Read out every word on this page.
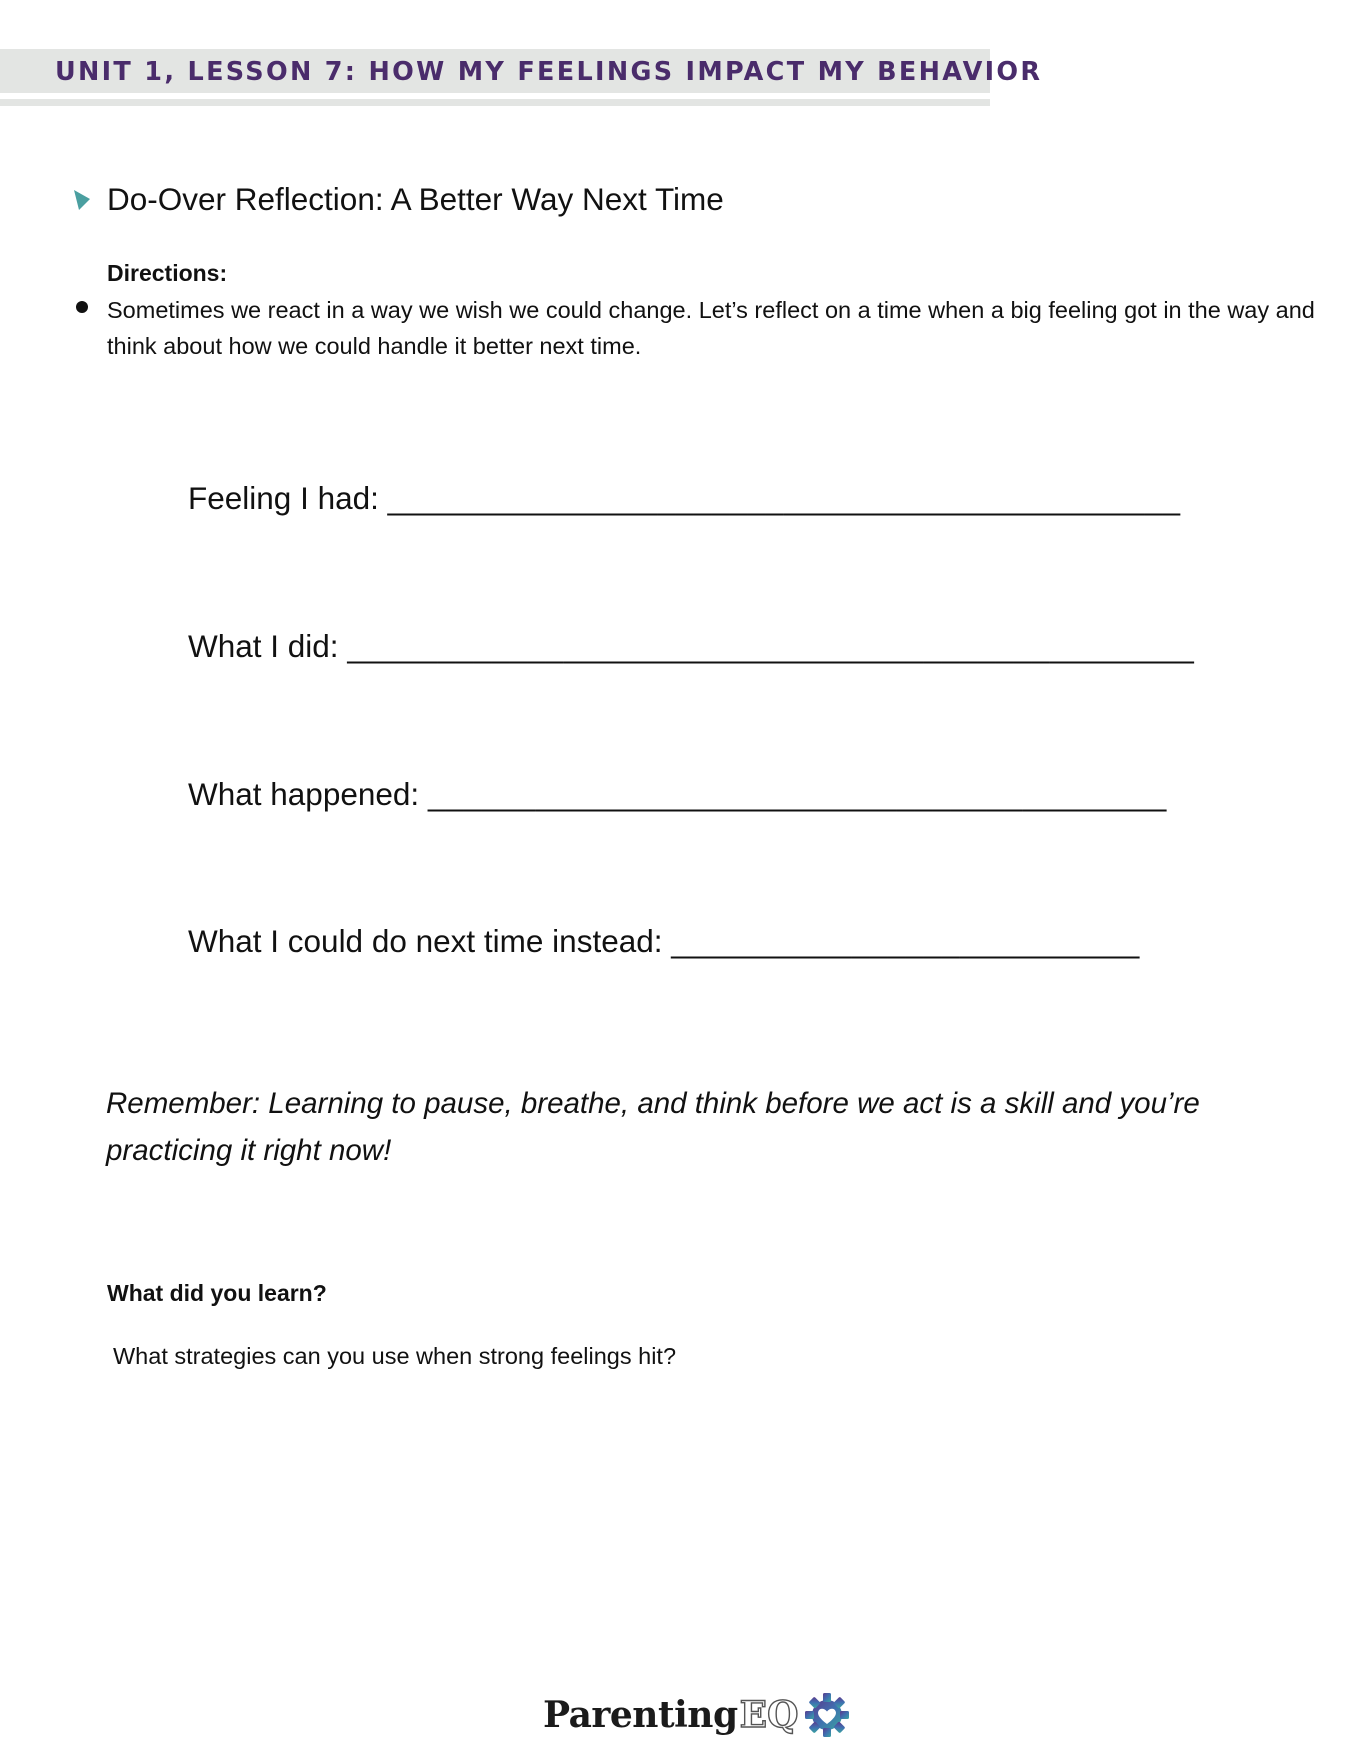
UNIT 1, LESSON 7: HOW MY FEELINGS IMPACT MY BEHAVIOR
Do-Over Reflection: A Better Way Next Time
Directions:
Sometimes we react in a way we wish we could change. Let’s reflect on a time when a big feeling got in the way and think about how we could handle it better next time.
Feeling I had: ____________________________________________
What I did: _______________________________________________
What happened: _________________________________________
What I could do next time instead: __________________________
Remember: Learning to pause, breathe, and think before we act is a skill and you’re practicing it right now!
What did you learn?
What strategies can you use when strong feelings hit?
Parenting EQ
